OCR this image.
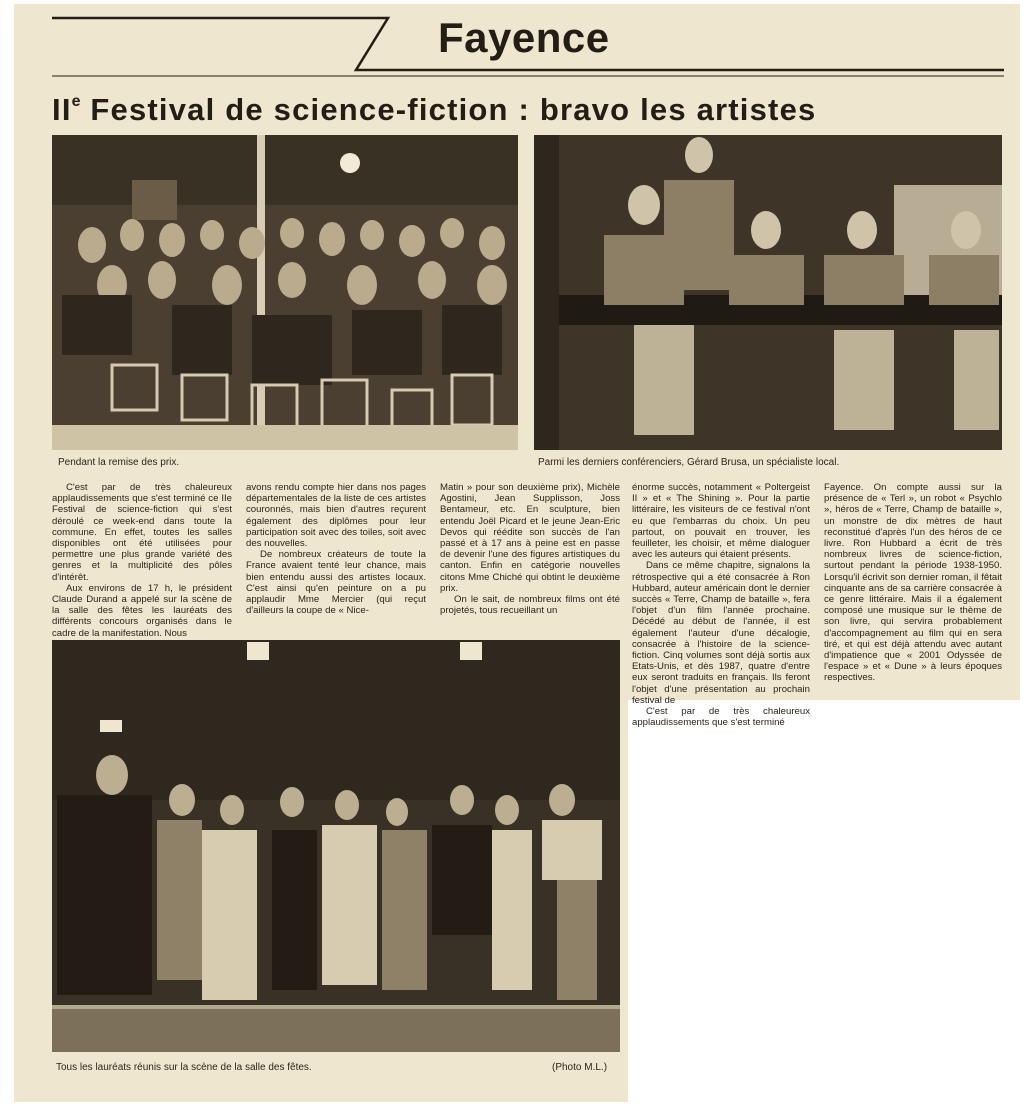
Fayence
IIe Festival de science-fiction : bravo les artistes
Pendant la remise des prix.	Parmi les derniers conférenciers, Gérard Brusa, un spécialiste local.

C'est par de très chaleureux applaudissements que s'est terminé ce IIe Festival de science-fiction qui s'est déroulé ce week-end dans toute la commune. En effet, toutes les salles disponibles ont été utilisées pour permettre une plus grande variété des genres et la multiplicité des pôles d'intérêt.

Aux environs de 17 h, le président Claude Durand a appelé sur la scène de la salle des fêtes les lauréats des différents concours organisés dans le cadre de la manifestation. Nous

avons rendu compte hier dans nos pages départementales de la liste de ces artistes couronnés, mais bien d'autres reçurent également des diplômes pour leur participation soit avec des toiles, soit avec des nouvelles.

De nombreux créateurs de toute la France avaient tenté leur chance, mais bien entendu aussi des artistes locaux. C'est ainsi qu'en peinture on a pu applaudir Mme Mercier (qui reçut d'ailleurs la coupe de « Nice-

Matin » pour son deuxième prix), Michèle Agostini, Jean Supplisson, Joss Bentameur, etc. En sculpture, bien entendu Joël Picard et le jeune Jean-Eric Devos qui réédite son succès de l'an passé et à 17 ans à peine est en passe de devenir l'une des figures artistiques du canton. Enfin en catégorie nouvelles citons Mme Chiché qui obtint le deuxième prix.

On le sait, de nombreux films ont été projetés, tous recueillant un

énorme succès, notamment « Poltergeist II » et « The Shining ». Pour la partie littéraire, les visiteurs de ce festival n'ont eu que l'embarras du choix. Un peu partout, on pouvait en trouver, les feuilleter, les choisir, et même dialoguer avec les auteurs qui étaient présents.

Dans ce même chapitre, signalons la rétrospective qui a été consacrée à Ron Hubbard, auteur américain dont le dernier succès « Terre, Champ de bataille », fera l'objet d'un film l'année prochaine. Décédé au début de l'année, il est également l'auteur d'une décalogie, consacrée à l'histoire de la science-fiction. Cinq volumes sont déjà sortis aux Etats-Unis, et dès 1987, quatre d'entre eux seront traduits en français. Ils feront l'objet d'une présentation au prochain festival de

C'est par de très chaleureux applaudissements que s'est terminé

Fayence. On compte aussi sur la présence de « Terl », un robot « Psychlo », héros de « Terre, Champ de bataille », un monstre de dix mètres de haut reconstitué d'après l'un des héros de ce livre. Ron Hubbard a écrit de très nombreux livres de science-fiction, surtout pendant la période 1938-1950. Lorsqu'il écrivit son dernier roman, il fêtait cinquante ans de sa carrière consacrée à ce genre littéraire. Mais il a également composé une musique sur le thème de son livre, qui servira probablement d'accompagnement au film qui en sera tiré, et qui est déjà attendu avec autant d'impatience que « 2001 Odyssée de l'espace » et « Dune » à leurs époques respectives.

Tous les lauréats réunis sur la scène de la salle des fêtes.	(Photo M.L.)
